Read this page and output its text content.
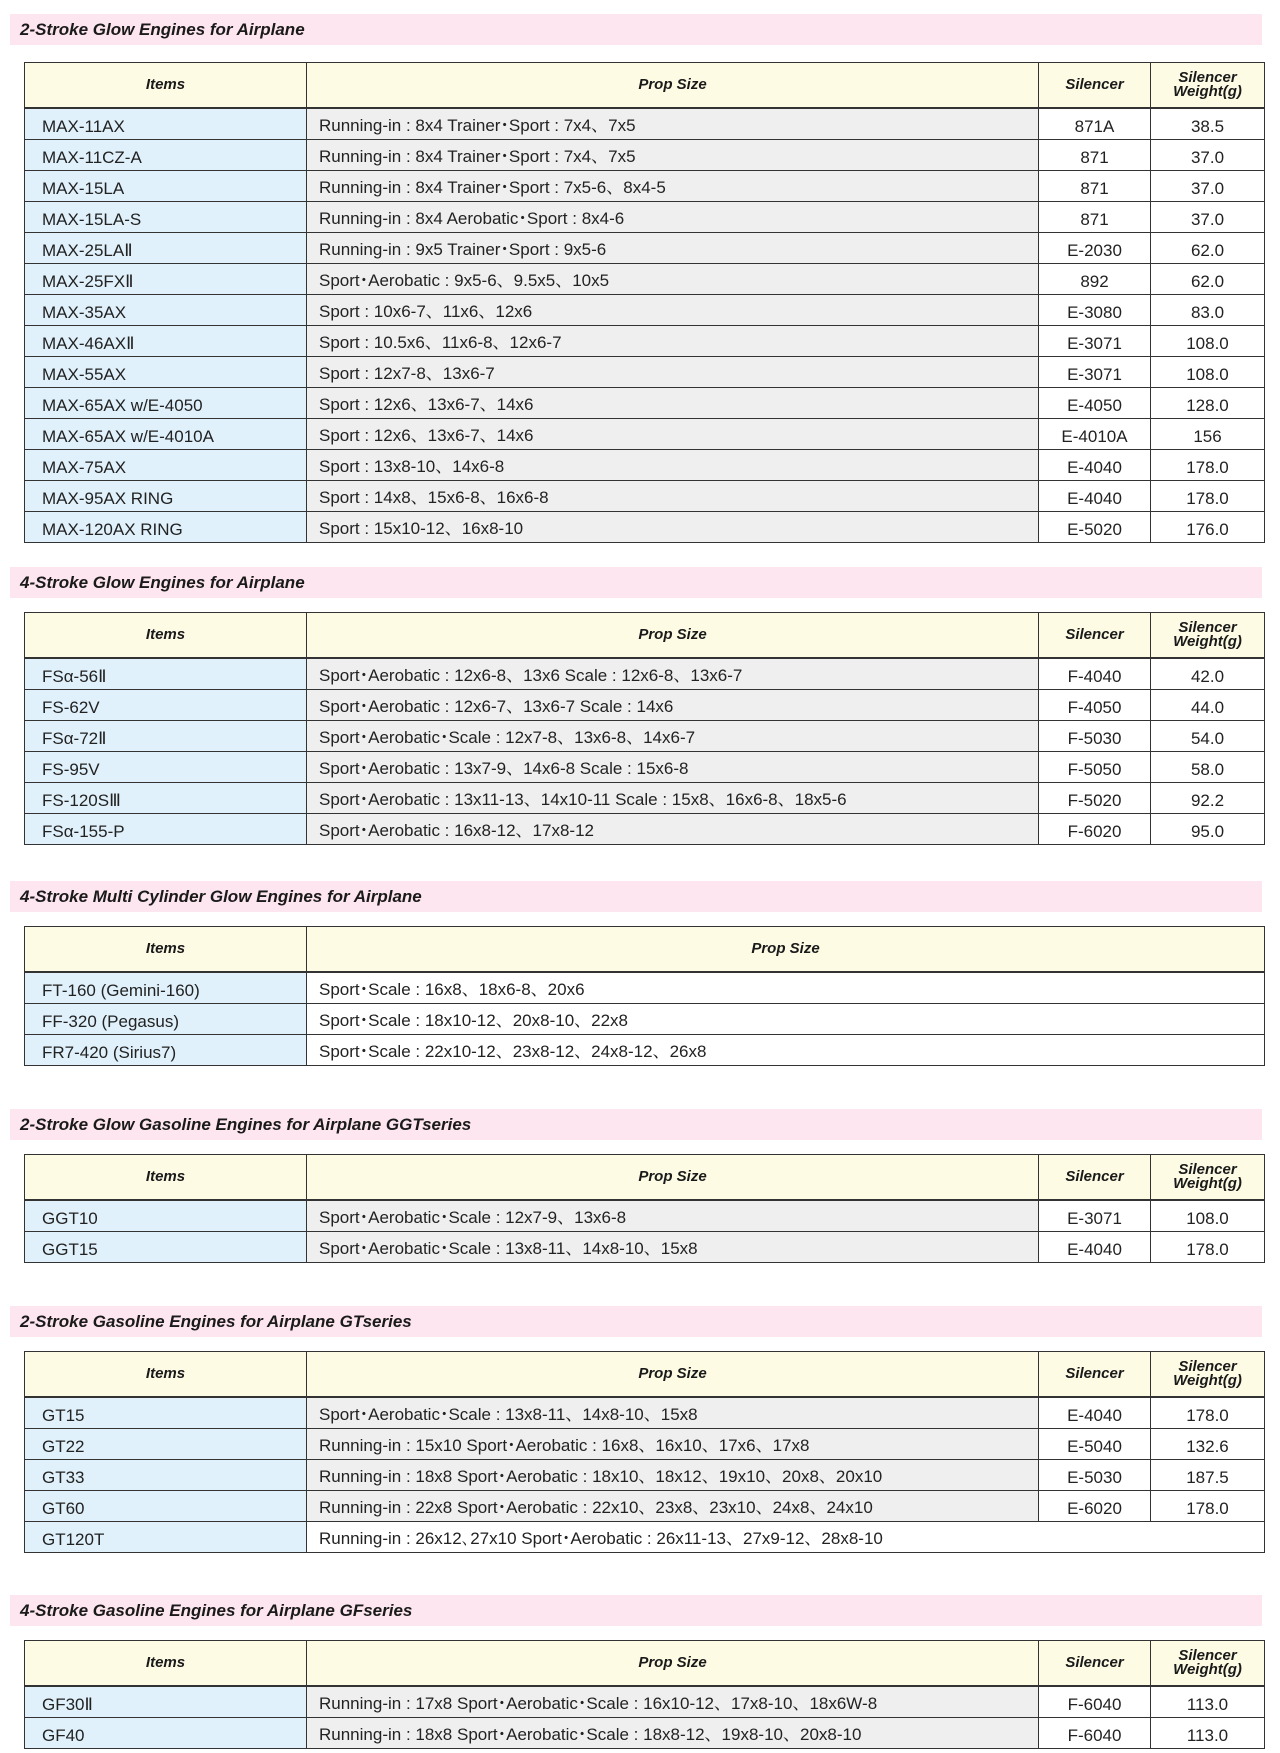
2-Stroke Glow Engines for Airplane
Items	Prop Size	Silencer	Silencer
Weight(g)
MAX-11AX	Running-in : 8x4 Trainer･Sport : 7x4、7x5	871A	38.5
MAX-11CZ-A	Running-in : 8x4 Trainer･Sport : 7x4、7x5	871	37.0
MAX-15LA	Running-in : 8x4 Trainer･Sport : 7x5-6、8x4-5	871	37.0
MAX-15LA-S	Running-in : 8x4 Aerobatic･Sport : 8x4-6	871	37.0
MAX-25LAⅡ	Running-in : 9x5 Trainer･Sport : 9x5-6	E-2030	62.0
MAX-25FXⅡ	Sport･Aerobatic : 9x5-6、9.5x5、10x5	892	62.0
MAX-35AX	Sport : 10x6-7、11x6、12x6	E-3080	83.0
MAX-46AXⅡ	Sport : 10.5x6、11x6-8、12x6-7	E-3071	108.0
MAX-55AX	Sport : 12x7-8、13x6-7	E-3071	108.0
MAX-65AX w/E-4050	Sport : 12x6、13x6-7、14x6	E-4050	128.0
MAX-65AX w/E-4010A	Sport : 12x6、13x6-7、14x6	E-4010A	156
MAX-75AX	Sport : 13x8-10、14x6-8	E-4040	178.0
MAX-95AX RING	Sport : 14x8、15x6-8、16x6-8	E-4040	178.0
MAX-120AX RING	Sport : 15x10-12、16x8-10	E-5020	176.0
4-Stroke Glow Engines for Airplane
Items	Prop Size	Silencer	Silencer
Weight(g)
FSα-56Ⅱ	Sport･Aerobatic : 12x6-8、13x6 Scale : 12x6-8、13x6-7	F-4040	42.0
FS-62V	Sport･Aerobatic : 12x6-7、13x6-7 Scale : 14x6	F-4050	44.0
FSα-72Ⅱ	Sport･Aerobatic･Scale : 12x7-8、13x6-8、14x6-7	F-5030	54.0
FS-95V	Sport･Aerobatic : 13x7-9、14x6-8 Scale : 15x6-8	F-5050	58.0
FS-120SⅢ	Sport･Aerobatic : 13x11-13、14x10-11 Scale : 15x8、16x6-8、18x5-6	F-5020	92.2
FSα-155-P	Sport･Aerobatic : 16x8-12、17x8-12	F-6020	95.0
4-Stroke Multi Cylinder Glow Engines for Airplane
Items	Prop Size
FT-160 (Gemini-160)	Sport･Scale : 16x8、18x6-8、20x6
FF-320 (Pegasus)	Sport･Scale : 18x10-12、20x8-10、22x8
FR7-420 (Sirius7)	Sport･Scale : 22x10-12、23x8-12、24x8-12、26x8
2-Stroke Glow Gasoline Engines for Airplane GGTseries
Items	Prop Size	Silencer	Silencer
Weight(g)
GGT10	Sport･Aerobatic･Scale : 12x7-9、13x6-8	E-3071	108.0
GGT15	Sport･Aerobatic･Scale : 13x8-11、14x8-10、15x8	E-4040	178.0
2-Stroke Gasoline Engines for Airplane GTseries
Items	Prop Size	Silencer	Silencer
Weight(g)
GT15	Sport･Aerobatic･Scale : 13x8-11、14x8-10、15x8	E-4040	178.0
GT22	Running-in : 15x10 Sport･Aerobatic : 16x8、16x10、17x6、17x8	E-5040	132.6
GT33	Running-in : 18x8 Sport･Aerobatic : 18x10、18x12、19x10、20x8、20x10	E-5030	187.5
GT60	Running-in : 22x8 Sport･Aerobatic : 22x10、23x8、23x10、24x8、24x10	E-6020	178.0
GT120T	Running-in : 26x12､27x10 Sport･Aerobatic : 26x11-13、27x9-12、28x8-10		
4-Stroke Gasoline Engines for Airplane GFseries
Items	Prop Size	Silencer	Silencer
Weight(g)
GF30Ⅱ	Running-in : 17x8 Sport･Aerobatic･Scale : 16x10-12、17x8-10、18x6W-8	F-6040	113.0
GF40	Running-in : 18x8 Sport･Aerobatic･Scale : 18x8-12、19x8-10、20x8-10	F-6040	113.0
